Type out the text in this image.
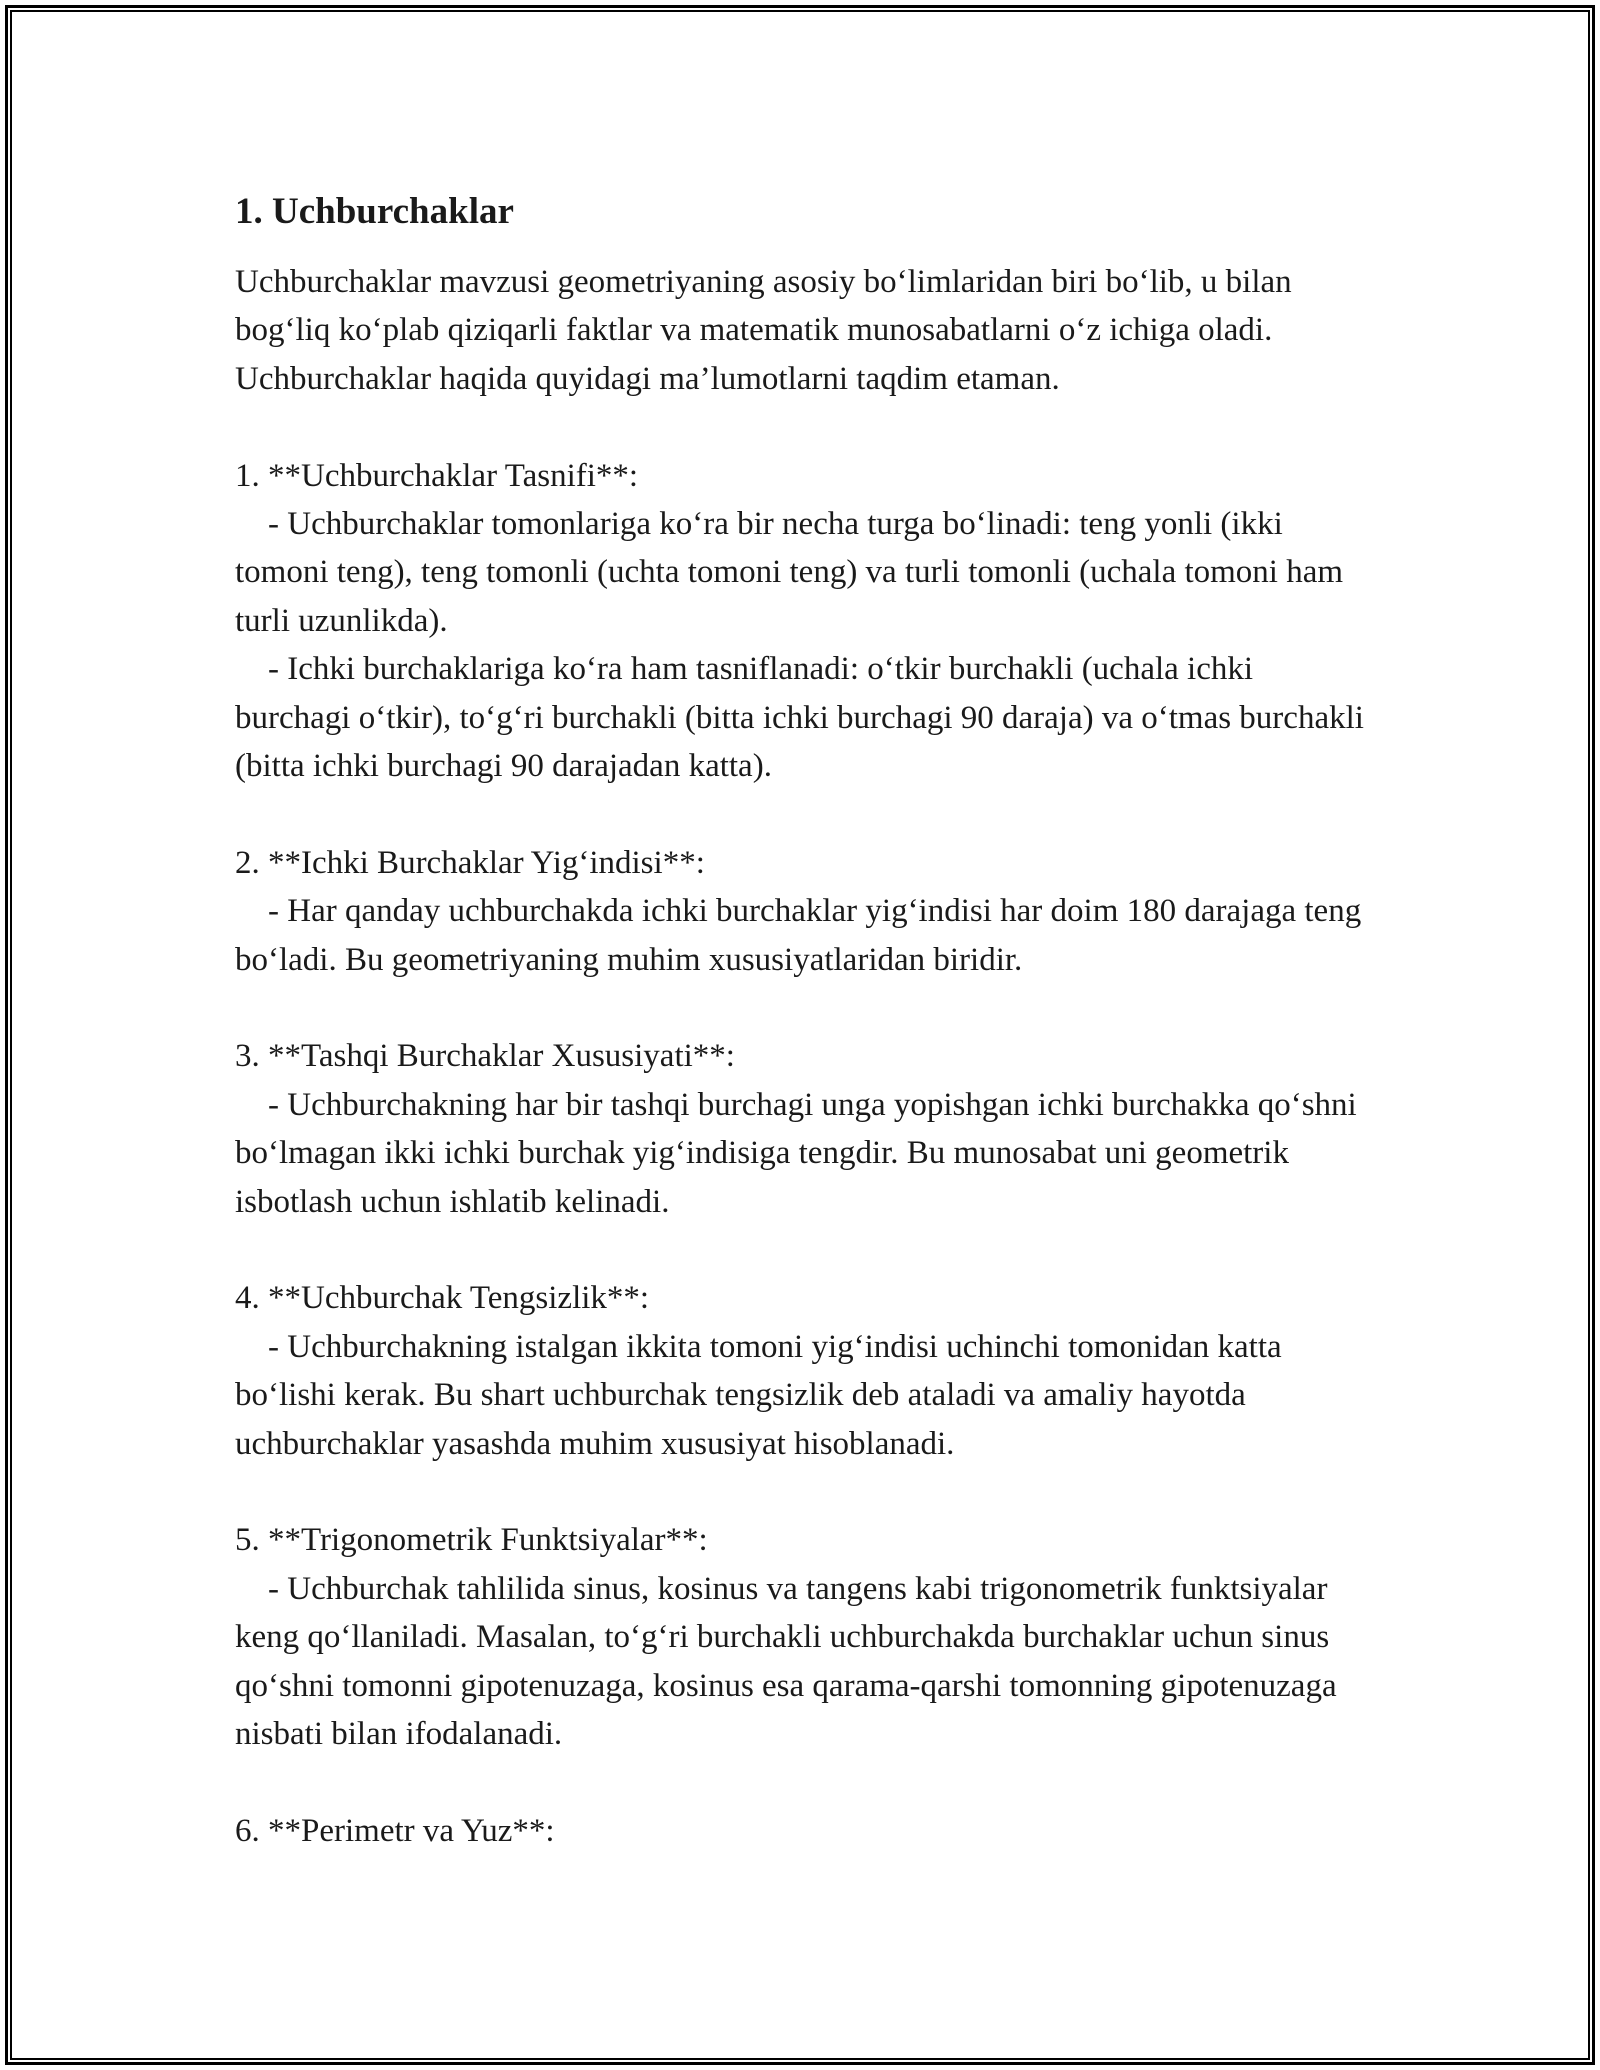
1. Uchburchaklar

Uchburchaklar mavzusi geometriyaning asosiy bo‘limlaridan biri bo‘lib, u bilan bog‘liq ko‘plab qiziqarli faktlar va matematik munosabatlarni o‘z ichiga oladi. Uchburchaklar haqida quyidagi ma’lumotlarni taqdim etaman.

1. **Uchburchaklar Tasnifi**:

- Uchburchaklar tomonlariga ko‘ra bir necha turga bo‘linadi: teng yonli (ikki tomoni teng), teng tomonli (uchta tomoni teng) va turli tomonli (uchala tomoni ham turli uzunlikda).

- Ichki burchaklariga ko‘ra ham tasniflanadi: o‘tkir burchakli (uchala ichki burchagi o‘tkir), to‘g‘ri burchakli (bitta ichki burchagi 90 daraja) va o‘tmas burchakli (bitta ichki burchagi 90 darajadan katta).

2. **Ichki Burchaklar Yig‘indisi**:

- Har qanday uchburchakda ichki burchaklar yig‘indisi har doim 180 darajaga teng bo‘ladi. Bu geometriyaning muhim xususiyatlaridan biridir.

3. **Tashqi Burchaklar Xususiyati**:

- Uchburchakning har bir tashqi burchagi unga yopishgan ichki burchakka qo‘shni bo‘lmagan ikki ichki burchak yig‘indisiga tengdir. Bu munosabat uni geometrik isbotlash uchun ishlatib kelinadi.

4. **Uchburchak Tengsizlik**:

- Uchburchakning istalgan ikkita tomoni yig‘indisi uchinchi tomonidan katta bo‘lishi kerak. Bu shart uchburchak tengsizlik deb ataladi va amaliy hayotda uchburchaklar yasashda muhim xususiyat hisoblanadi.

5. **Trigonometrik Funktsiyalar**:

- Uchburchak tahlilida sinus, kosinus va tangens kabi trigonometrik funktsiyalar keng qo‘llaniladi. Masalan, to‘g‘ri burchakli uchburchakda burchaklar uchun sinus qo‘shni tomonni gipotenuzaga, kosinus esa qarama-qarshi tomonning gipotenuzaga nisbati bilan ifodalanadi.

6. **Perimetr va Yuz**:
